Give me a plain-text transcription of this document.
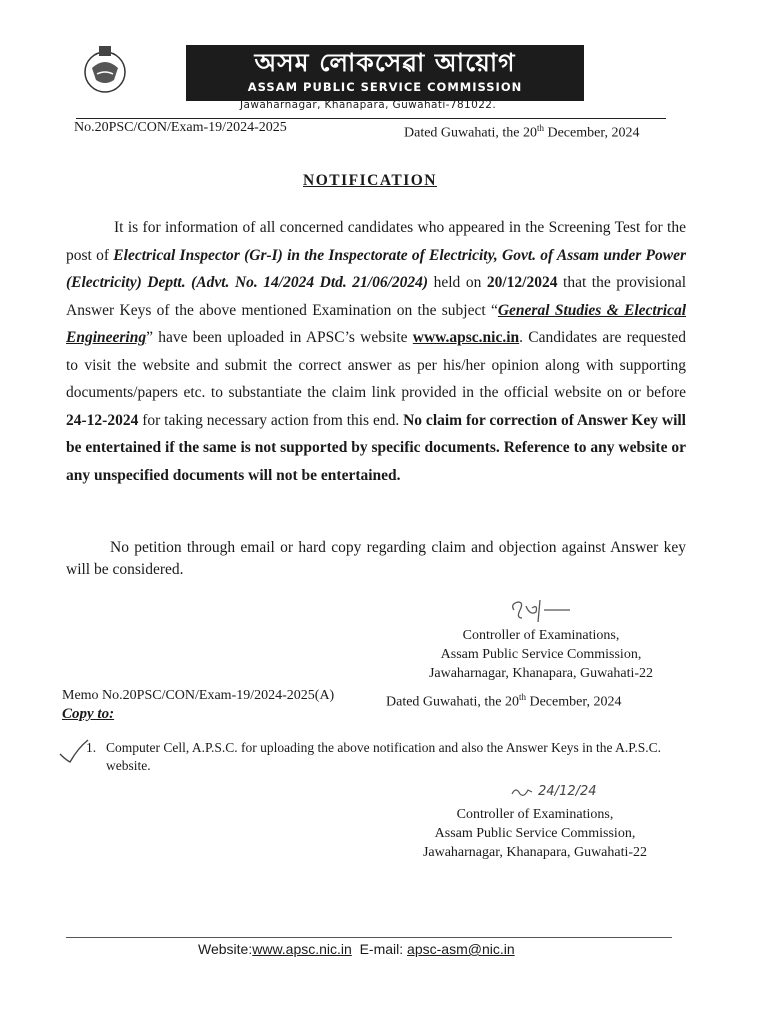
অসম লোকসেৱা আয়োগ
ASSAM PUBLIC SERVICE COMMISSION
Jawaharnagar, Khanapara, Guwahati-781022.
No.20PSC/CON/Exam-19/2024-2025	Dated Guwahati, the 20th December, 2024
NOTIFICATION
It is for information of all concerned candidates who appeared in the Screening Test for the post of Electrical Inspector (Gr-I) in the Inspectorate of Electricity, Govt. of Assam under Power (Electricity) Deptt. (Advt. No. 14/2024 Dtd. 21/06/2024) held on 20/12/2024 that the provisional Answer Keys of the above mentioned Examination on the subject “General Studies & Electrical Engineering” have been uploaded in APSC’s website www.apsc.nic.in. Candidates are requested to visit the website and submit the correct answer as per his/her opinion along with supporting documents/papers etc. to substantiate the claim link provided in the official website on or before 24-12-2024 for taking necessary action from this end. No claim for correction of Answer Key will be entertained if the same is not supported by specific documents. Reference to any website or any unspecified documents will not be entertained.
No petition through email or hard copy regarding claim and objection against Answer key will be considered.
Controller of Examinations,
Assam Public Service Commission,
Jawaharnagar, Khanapara, Guwahati-22
Memo No.20PSC/CON/Exam-19/2024-2025(A)	Dated Guwahati, the 20th December, 2024
Copy to:
1. Computer Cell, A.P.S.C. for uploading the above notification and also the Answer Keys in the A.P.S.C. website.
24/12/24
Controller of Examinations,
Assam Public Service Commission,
Jawaharnagar, Khanapara, Guwahati-22
Website:www.apsc.nic.in E-mail: apsc-asm@nic.in
